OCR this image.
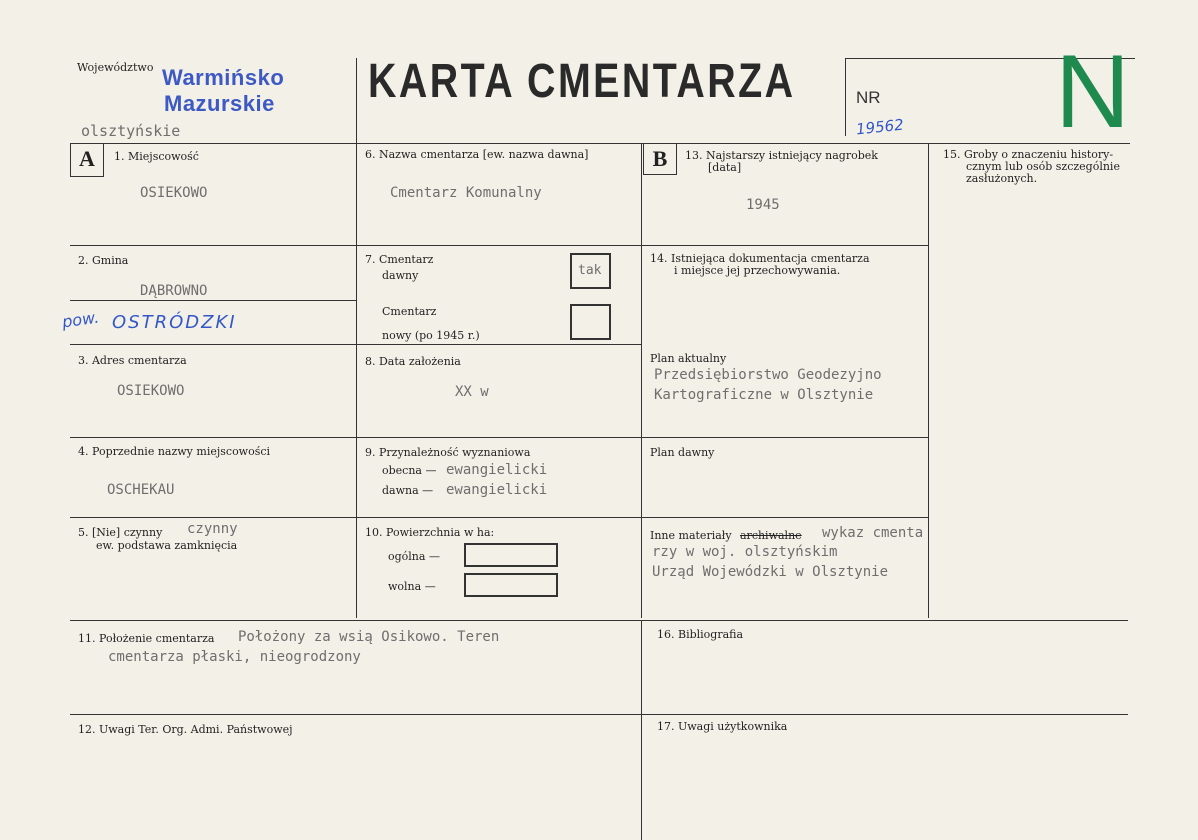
Województwo Warmińsko
Mazurskie
olsztyńskie
KARTA CMENTARZA	NR
19562 N
A	1. Miejscowość
OSIEKOWO
2. Gmina
DĄBROWNO
pow. OSTRÓDZKI
3. Adres cmentarza
OSIEKOWO
4. Poprzednie nazwy miejscowości
OSCHEKAU
5. [Nie] czynny
ew. podstawa zamknięcia
czynny
6. Nazwa cmentarza [ew. nazwa dawna]
Cmentarz Komunalny
7. Cmentarz
dawny	tak
Cmentarz
nowy (po 1945 r.)
8. Data założenia
XX w
9. Przynależność wyznaniowa
obecna — ewangielicki
dawna — ewangielicki
10. Powierzchnia w ha:
ogólna —
wolna —
B	13. Najstarszy istniejący nagrobek
[data]
1945
14. Istniejąca dokumentacja cmentarza
i miejsce jej przechowywania.
Plan aktualny
Przedsiębiorstwo Geodezyjno
Kartograficzne w Olsztynie
Plan dawny
Inne materiały archiwalne wykaz cmenta
rzy w woj. olsztyńskim
Urząd Wojewódzki w Olsztynie
15. Groby o znaczeniu history-
cznym lub osób szczególnie
zasłużonych.
11. Położenie cmentarza Położony za wsią Osikowo. Teren
cmentarza płaski, nieogrodzony
12. Uwagi Ter. Org. Admi. Państwowej
16. Bibliografia
17. Uwagi użytkownika
